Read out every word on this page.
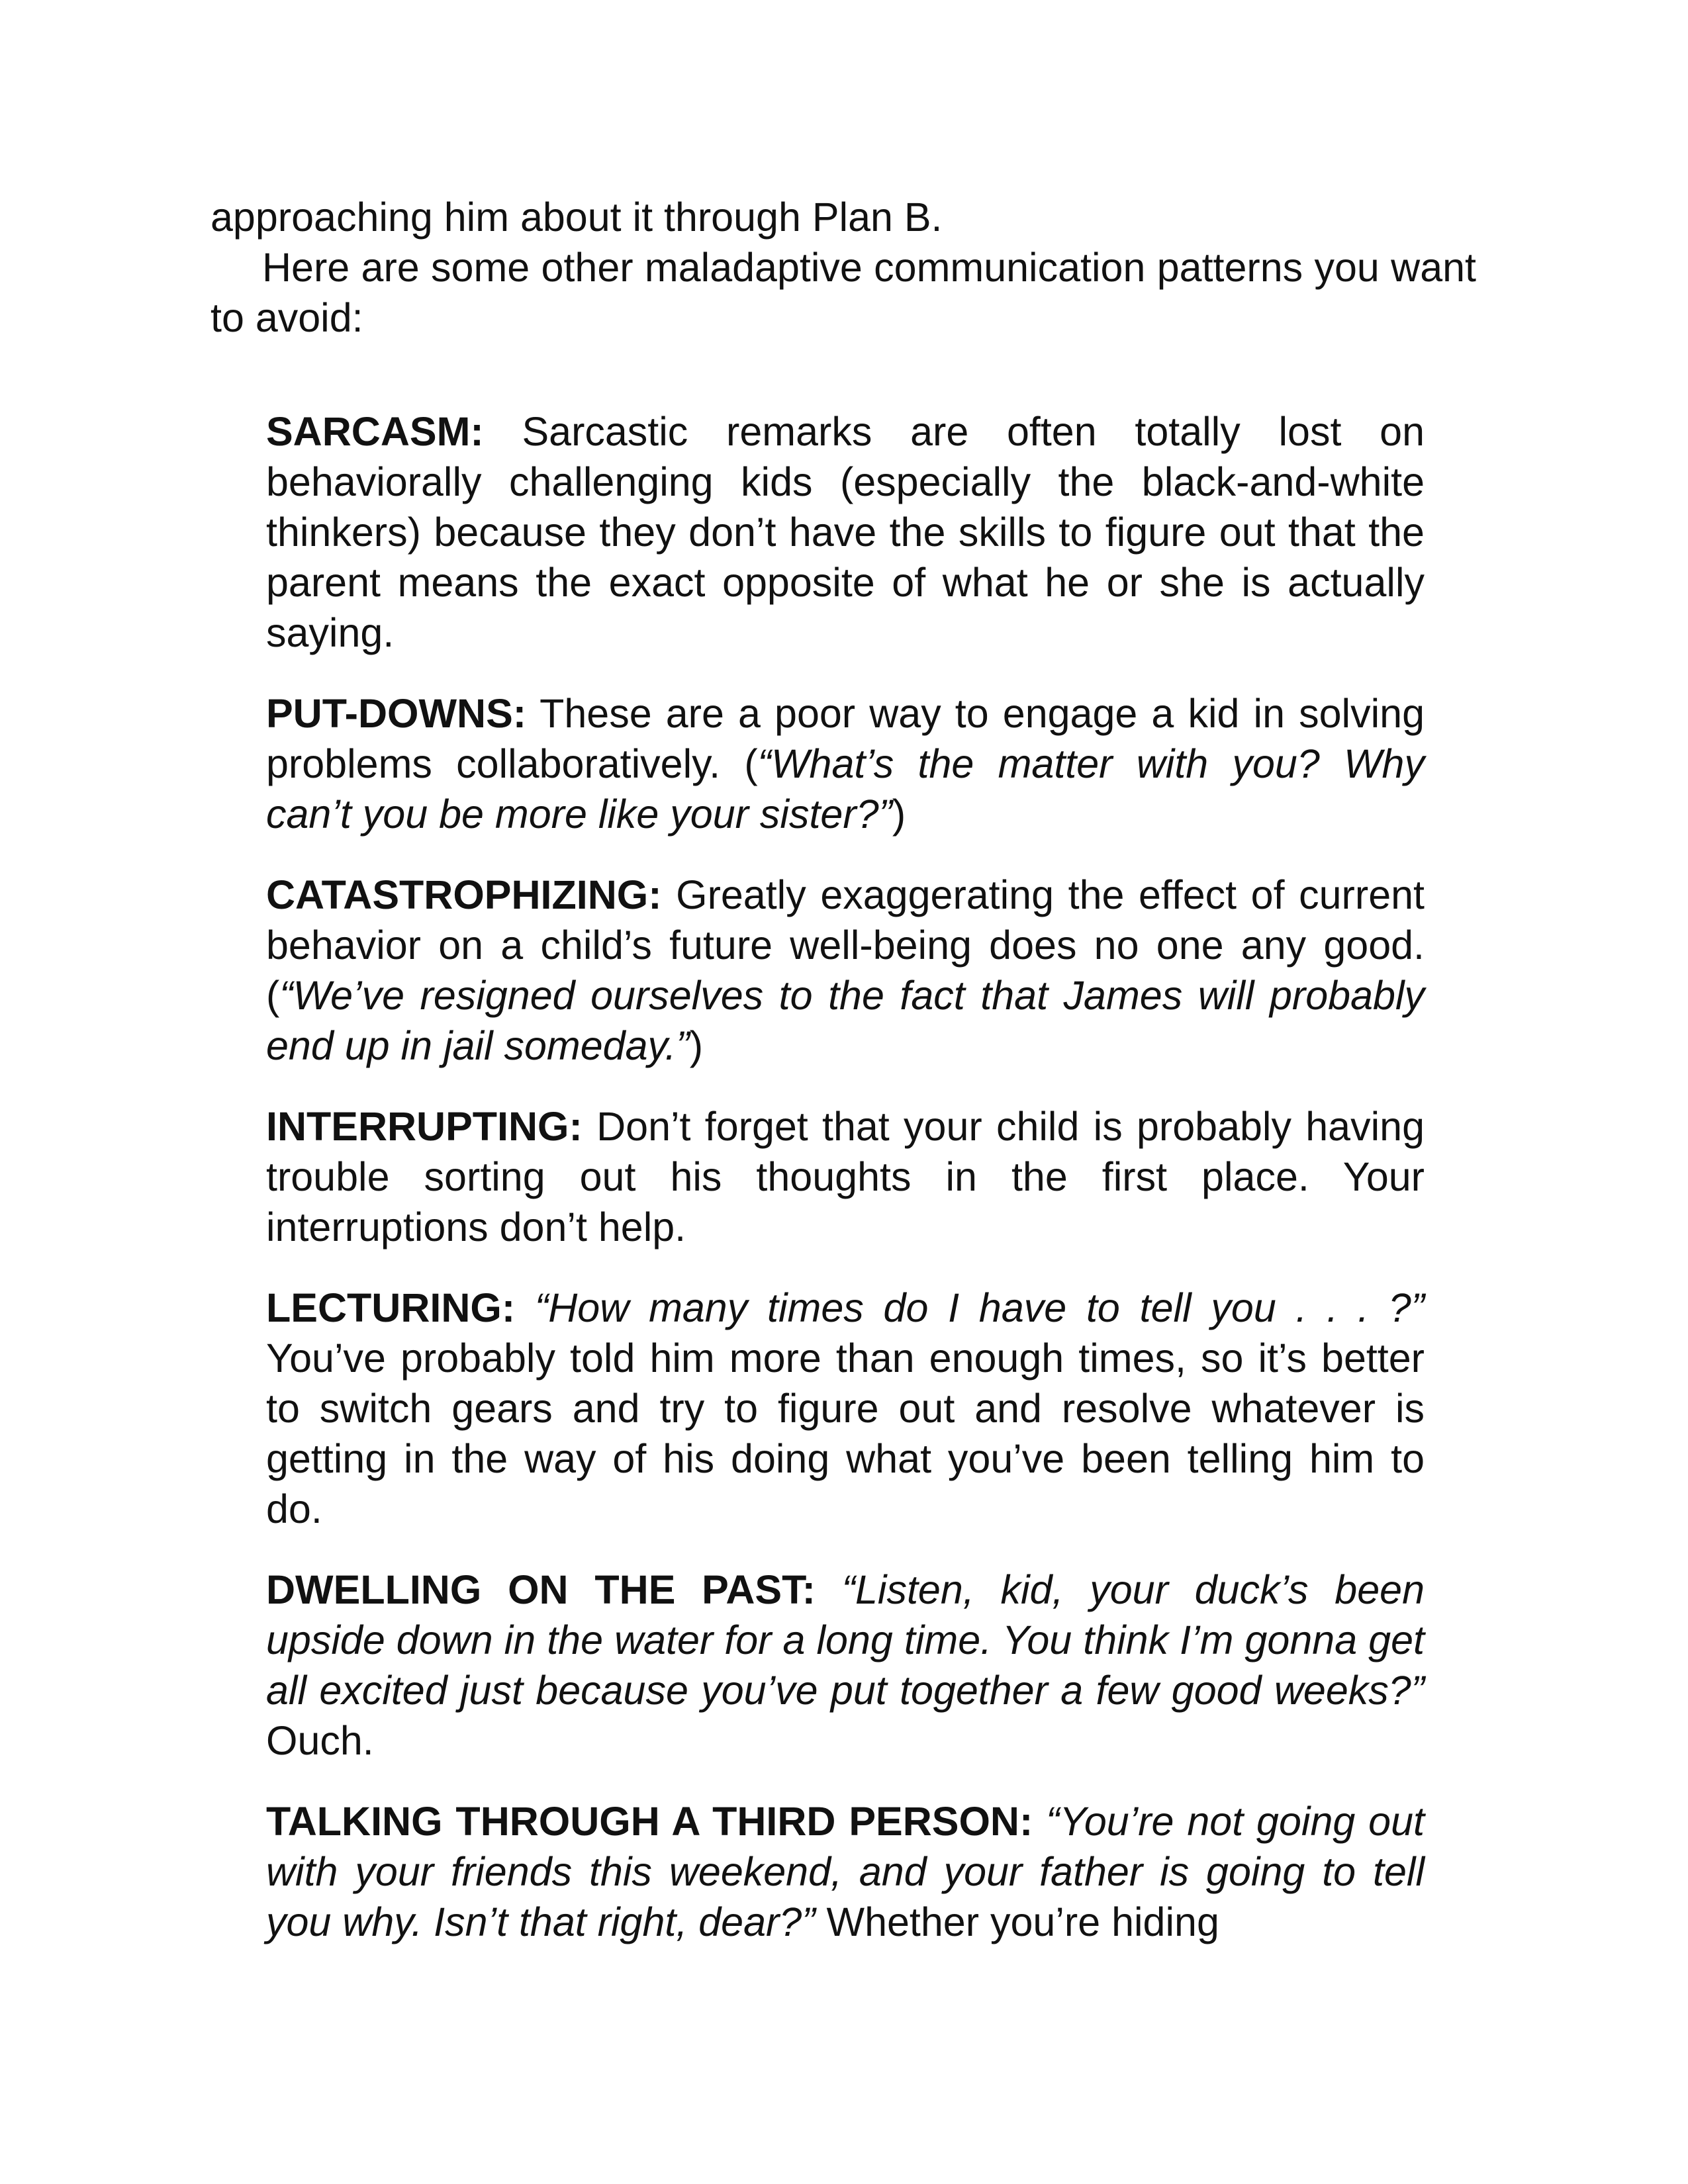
approaching him about it through Plan B.

Here are some other maladaptive communication patterns you want to avoid:

SARCASM: Sarcastic remarks are often totally lost on behaviorally challenging kids (especially the black-and-white thinkers) because they don’t have the skills to figure out that the parent means the exact opposite of what he or she is actually saying.

PUT-DOWNS: These are a poor way to engage a kid in solving problems collaboratively. (“What’s the matter with you? Why can’t you be more like your sister?”)

CATASTROPHIZING: Greatly exaggerating the effect of current behavior on a child’s future well-being does no one any good. (“We’ve resigned ourselves to the fact that James will probably end up in jail someday.”)

INTERRUPTING: Don’t forget that your child is probably having trouble sorting out his thoughts in the first place. Your interruptions don’t help.

LECTURING: “How many times do I have to tell you . . . ?” You’ve probably told him more than enough times, so it’s better to switch gears and try to figure out and resolve whatever is getting in the way of his doing what you’ve been telling him to do.

DWELLING ON THE PAST: “Listen, kid, your duck’s been upside down in the water for a long time. You think I’m gonna get all excited just because you’ve put together a few good weeks?” Ouch.

TALKING THROUGH A THIRD PERSON: “You’re not going out with your friends this weekend, and your father is going to tell you why. Isn’t that right, dear?” Whether you’re hiding
